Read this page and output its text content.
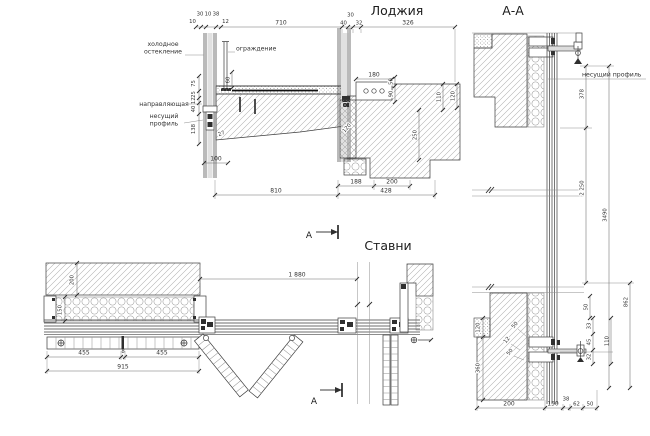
Лоджия
холодное
остекление	ограждение
направляющая
несущий
профиль
10
30 10 38
12	710	40
30
32	326
75
25
12
40
138
60
27
100
50
90
180
110 120
250
120
188	200
810	428
А-А
несущий профиль
378
2 250
862
3490
50
120
360
50
12
50
33
45
32
110
200	150
38
62 50
Ставни
А
А
200
150
455	8	455
915
1 880
